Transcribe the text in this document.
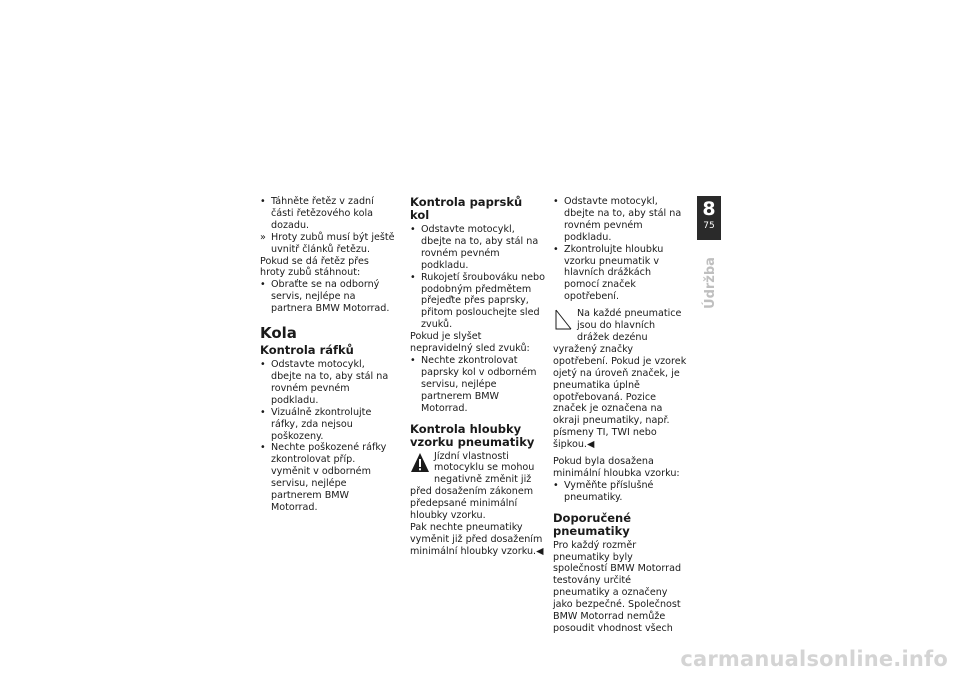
• Táhněte řetěz v zadní části řetězového kola dozadu.
» Hroty zubů musí být ještě uvnitř článků řetězu.

Pokud se dá řetěz přes hroty zubů stáhnout:

• Obraťte se na odborný servis, nejlépe na partnera BMW Motorrad.
Kola
Kontrola ráfků
• Odstavte motocykl, dbejte na to, aby stál na rovném pevném podkladu.
• Vizuálně zkontrolujte ráfky, zda nejsou poškozeny.
• Nechte poškozené ráfky zkontrolovat příp. vyměnit v odborném servisu, nejlépe partnerem BMW Motorrad.
Kontrola paprsků kol
• Odstavte motocykl, dbejte na to, aby stál na rovném pevném podkladu.
• Rukojetí šroubováku nebo podobným předmětem přejeďte přes paprsky, přitom poslouchejte sled zvuků.

Pokud je slyšet nepravidelný sled zvuků:

• Nechte zkontrolovat paprsky kol v odborném servisu, nejlépe partnerem BMW Motorrad.
Kontrola hloubky vzorku pneumatiky
Jízdní vlastnosti motocyklu se mohou negativně změnit již před dosažením zákonem předepsané minimální hloubky vzorku.

Pak nechte pneumatiky vyměnit již před dosažením minimální hloubky vzorku.◀

• Odstavte motocykl, dbejte na to, aby stál na rovném pevném podkladu.
• Zkontrolujte hloubku vzorku pneumatik v hlavních drážkách pomocí značek opotřebení.
Na každé pneumatice jsou do hlavních drážek dezénu vyražený značky opotřebení. Pokud je vzorek ojetý na úroveň značek, je pneumatika úplně opotřebovaná. Pozice značek je označena na okraji pneumatiky, např. písmeny TI, TWI nebo šipkou.◀

Pokud byla dosažena minimální hloubka vzorku:

• Vyměňte příslušné pneumatiky.
Doporučené pneumatiky

Pro každý rozměr pneumatiky byly společností BMW Motorrad testovány určité pneumatiky a označeny jako bezpečné. Společnost BMW Motorrad nemůže posoudit vhodnost všech

8
75
Údržba
carmanualsonline.info
